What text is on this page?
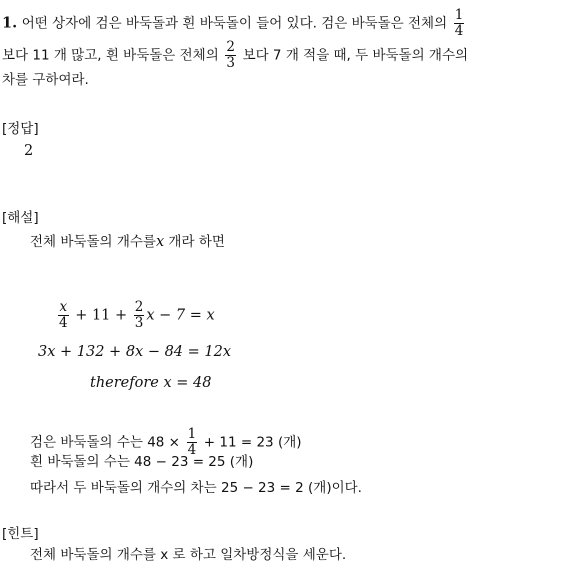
1. 어떤 상자에 검은 바둑돌과 흰 바둑돌이 들어 있다. 검은 바둑돌은 전체의 $\frac{1}{4}$
보다 11 개 많고, 흰 바둑돌은 전체의 $\frac{2}{3}$ 보다 7 개 적을 때, 두 바둑돌의 개수의
차를 구하여라.
[정답]
2
[해설]
전체 바둑돌의 개수를x 개라 하면
$\frac{x}{4} + 11 + \frac{2}{3}$ x − 7 = x
3x + 132 + 8x − 84 = 12x
therefore x = 48
검은 바둑돌의 수는 $48 \times \frac{1}{4} + 11 = 23$ (개)
흰 바둑돌의 수는 48 − 23 = 25 (개)
따라서 두 바둑돌의 개수의 차는 25 − 23 = 2 (개)이다.
[힌트]
전체 바둑돌의 개수를 x 로 하고 일차방정식을 세운다.
